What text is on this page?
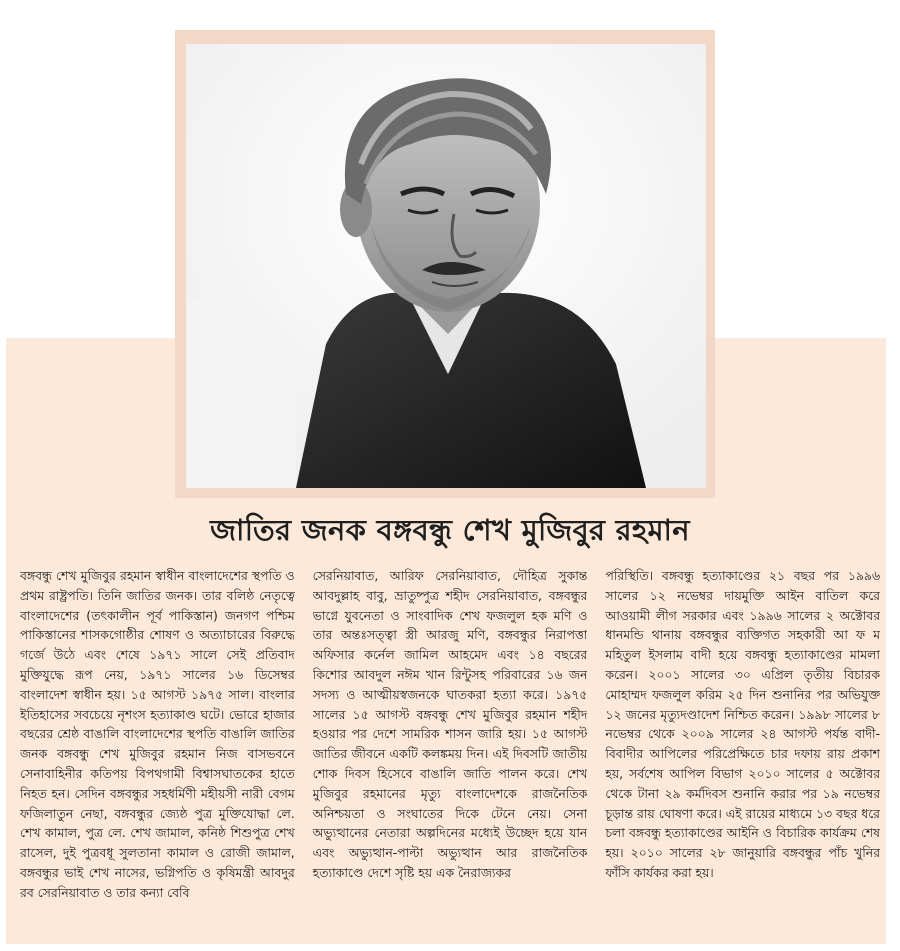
জাতির জনক বঙ্গবন্ধু শেখ মুজিবুর রহমান
বঙ্গবন্ধু শেখ মুজিবুর রহমান স্বাধীন বাংলাদেশের স্থপতি ও প্রথম রাষ্ট্রপতি। তিনি জাতির জনক। তার বলিষ্ঠ নেতৃত্বে বাংলাদেশের (তৎকালীন পূর্ব পাকিস্তান) জনগণ পশ্চিম পাকিস্তানের শাসকগোষ্ঠীর শোষণ ও অত্যাচারের বিরুদ্ধে গর্জে উঠে এবং শেষে ১৯৭১ সালে সেই প্রতিবাদ মুক্তিযুদ্ধে রূপ নেয়, ১৯৭১ সালের ১৬ ডিসেম্বর বাংলাদেশ স্বাধীন হয়। ১৫ আগস্ট ১৯৭৫ সাল। বাংলার ইতিহাসের সবচেয়ে নৃশংস হত্যাকাণ্ড ঘটে। ভোরে হাজার বছরের শ্রেষ্ঠ বাঙালি বাংলাদেশের স্থপতি বাঙালি জাতির জনক বঙ্গবন্ধু শেখ মুজিবুর রহমান নিজ বাসভবনে সেনাবাহিনীর কতিপয় বিপথগামী বিশ্বাসঘাতকের হাতে নিহত হন। সেদিন বঙ্গবন্ধুর সহধর্মিণী মহীয়সী নারী বেগম ফজিলাতুন নেছা, বঙ্গবন্ধুর জ্যেষ্ঠ পুত্র মুক্তিযোদ্ধা লে. শেখ কামাল, পুত্র লে. শেখ জামাল, কনিষ্ঠ শিশুপুত্র শেখ রাসেল, দুই পুত্রবধূ সুলতানা কামাল ও রোজী জামাল, বঙ্গবন্ধুর ভাই শেখ নাসের, ভগ্নিপতি ও কৃষিমন্ত্রী আবদুর রব সেরনিয়াবাত ও তার কন্যা বেবি
সেরনিয়াবাত, আরিফ সেরনিয়াবাত, দৌহিত্র সুকান্ত আবদুল্লাহ বাবু, ভ্রাতুষ্পুত্র শহীদ সেরনিয়াবাত, বঙ্গবন্ধুর ভাগ্নে যুবনেতা ও সাংবাদিক শেখ ফজলুল হক মণি ও তার অন্তঃসত্ত্বা স্ত্রী আরজু মণি, বঙ্গবন্ধুর নিরাপত্তা অফিসার কর্নেল জামিল আহমেদ এবং ১৪ বছরের কিশোর আবদুল নঈম খান রিন্টুসহ পরিবারের ১৬ জন সদস্য ও আত্মীয়স্বজনকে ঘাতকরা হত্যা করে। ১৯৭৫ সালের ১৫ আগস্ট বঙ্গবন্ধু শেখ মুজিবুর রহমান শহীদ হওয়ার পর দেশে সামরিক শাসন জারি হয়। ১৫ আগস্ট জাতির জীবনে একটি কলঙ্কময় দিন। এই দিবসটি জাতীয় শোক দিবস হিসেবে বাঙালি জাতি পালন করে। শেখ মুজিবুর রহমানের মৃত্যু বাংলাদেশকে রাজনৈতিক অনিশ্চয়তা ও সংঘাতের দিকে টেনে নেয়। সেনা অভ্যুত্থানের নেতারা অল্পদিনের মধ্যেই উচ্ছেদ হয়ে যান এবং অভ্যুত্থান-পাল্টা অভ্যুত্থান আর রাজনৈতিক হত্যাকাণ্ডে দেশে সৃষ্টি হয় এক নৈরাজ্যকর
পরিস্থিতি। বঙ্গবন্ধু হত্যাকাণ্ডের ২১ বছর পর ১৯৯৬ সালের ১২ নভেম্বর দায়মুক্তি আইন বাতিল করে আওয়ামী লীগ সরকার এবং ১৯৯৬ সালের ২ অক্টোবর ধানমন্ডি থানায় বঙ্গবন্ধুর ব্যক্তিগত সহকারী আ ফ ম মহিতুল ইসলাম বাদী হয়ে বঙ্গবন্ধু হত্যাকাণ্ডের মামলা করেন। ২০০১ সালের ৩০ এপ্রিল তৃতীয় বিচারক মোহাম্মদ ফজলুল করিম ২৫ দিন শুনানির পর অভিযুক্ত ১২ জনের মৃত্যুদণ্ডাদেশ নিশ্চিত করেন। ১৯৯৮ সালের ৮ নভেম্বর থেকে ২০০৯ সালের ২৪ আগস্ট পর্যন্ত বাদী-বিবাদীর আপিলের পরিপ্রেক্ষিতে চার দফায় রায় প্রকাশ হয়, সর্বশেষ আপিল বিভাগ ২০১০ সালের ৫ অক্টোবর থেকে টানা ২৯ কর্মদিবস শুনানি করার পর ১৯ নভেম্বর চূড়ান্ত রায় ঘোষণা করে। এই রায়ের মাধ্যমে ১৩ বছর ধরে চলা বঙ্গবন্ধু হত্যাকাণ্ডের আইনি ও বিচারিক কার্যক্রম শেষ হয়। ২০১০ সালের ২৮ জানুয়ারি বঙ্গবন্ধুর পাঁচ খুনির ফাঁসি কার্যকর করা হয়।
